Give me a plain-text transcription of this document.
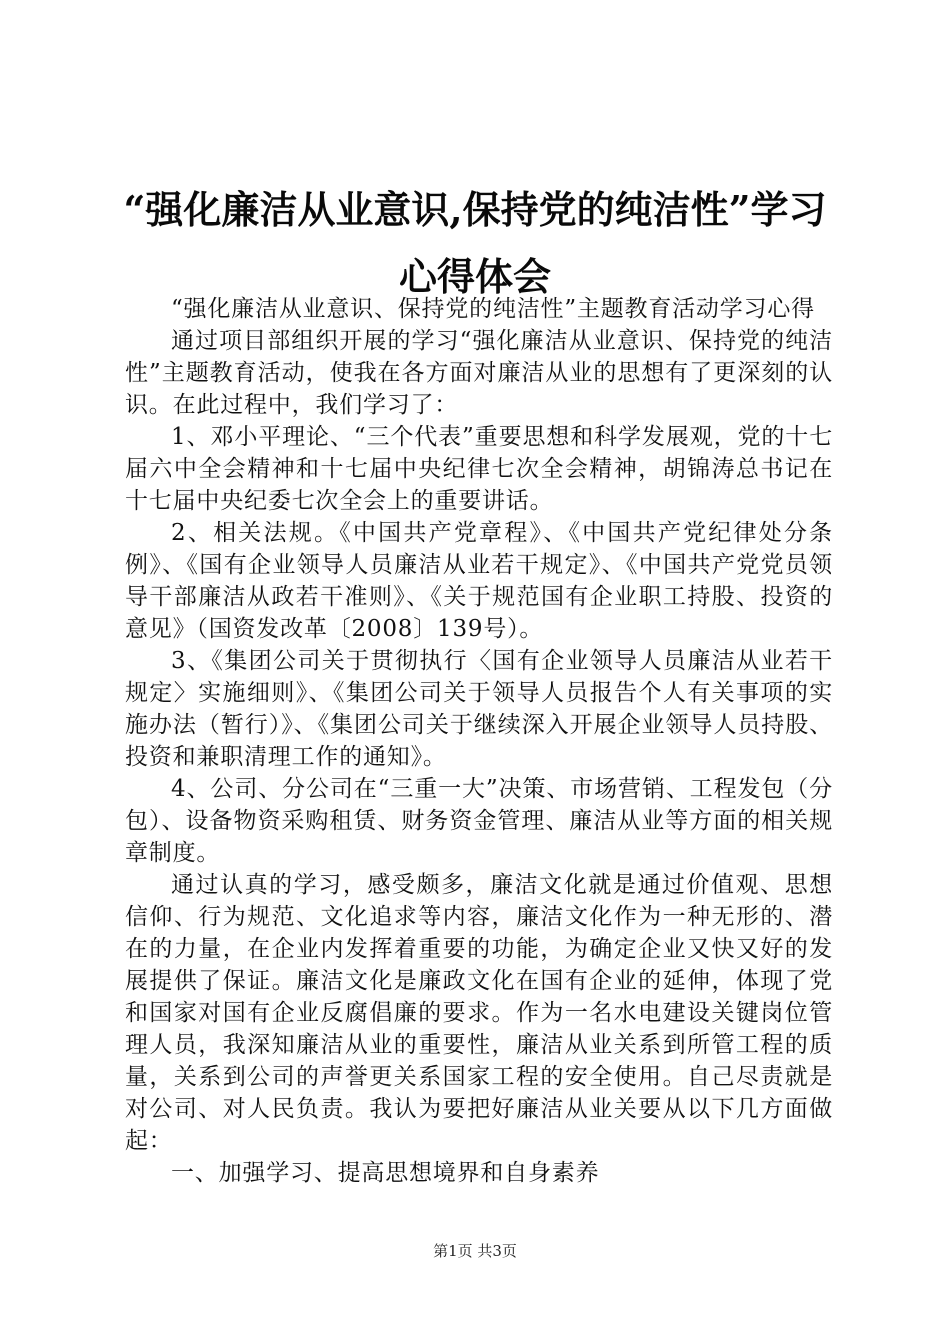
“强化廉洁从业意识,保持党的纯洁性”学习
心得体会

“强化廉洁从业意识、保持党的纯洁性”主题教育活动学习心得

通过项目部组织开展的学习“强化廉洁从业意识、保持党的纯洁性”主题教育活动，使我在各方面对廉洁从业的思想有了更深刻的认识。在此过程中，我们学习了：

1、邓小平理论、“三个代表”重要思想和科学发展观，党的十七届六中全会精神和十七届中央纪律七次全会精神，胡锦涛总书记在十七届中央纪委七次全会上的重要讲话。

2、相关法规。《中国共产党章程》、《中国共产党纪律处分条例》、《国有企业领导人员廉洁从业若干规定》、《中国共产党党员领导干部廉洁从政若干准则》、《关于规范国有企业职工持股、投资的意见》（国资发改革〔2008〕139号）。

3、《集团公司关于贯彻执行〈国有企业领导人员廉洁从业若干规定〉实施细则》、《集团公司关于领导人员报告个人有关事项的实施办法（暂行）》、《集团公司关于继续深入开展企业领导人员持股、投资和兼职清理工作的通知》。

4、公司、分公司在“三重一大”决策、市场营销、工程发包（分包）、设备物资采购租赁、财务资金管理、廉洁从业等方面的相关规章制度。

通过认真的学习，感受颇多，廉洁文化就是通过价值观、思想信仰、行为规范、文化追求等内容，廉洁文化作为一种无形的、潜在的力量，在企业内发挥着重要的功能，为确定企业又快又好的发展提供了保证。廉洁文化是廉政文化在国有企业的延伸，体现了党和国家对国有企业反腐倡廉的要求。作为一名水电建设关键岗位管理人员，我深知廉洁从业的重要性，廉洁从业关系到所管工程的质量，关系到公司的声誉更关系国家工程的安全使用。自己尽责就是对公司、对人民负责。我认为要把好廉洁从业关要从以下几方面做起：

一、加强学习、提高思想境界和自身素养

第1页 共3页
